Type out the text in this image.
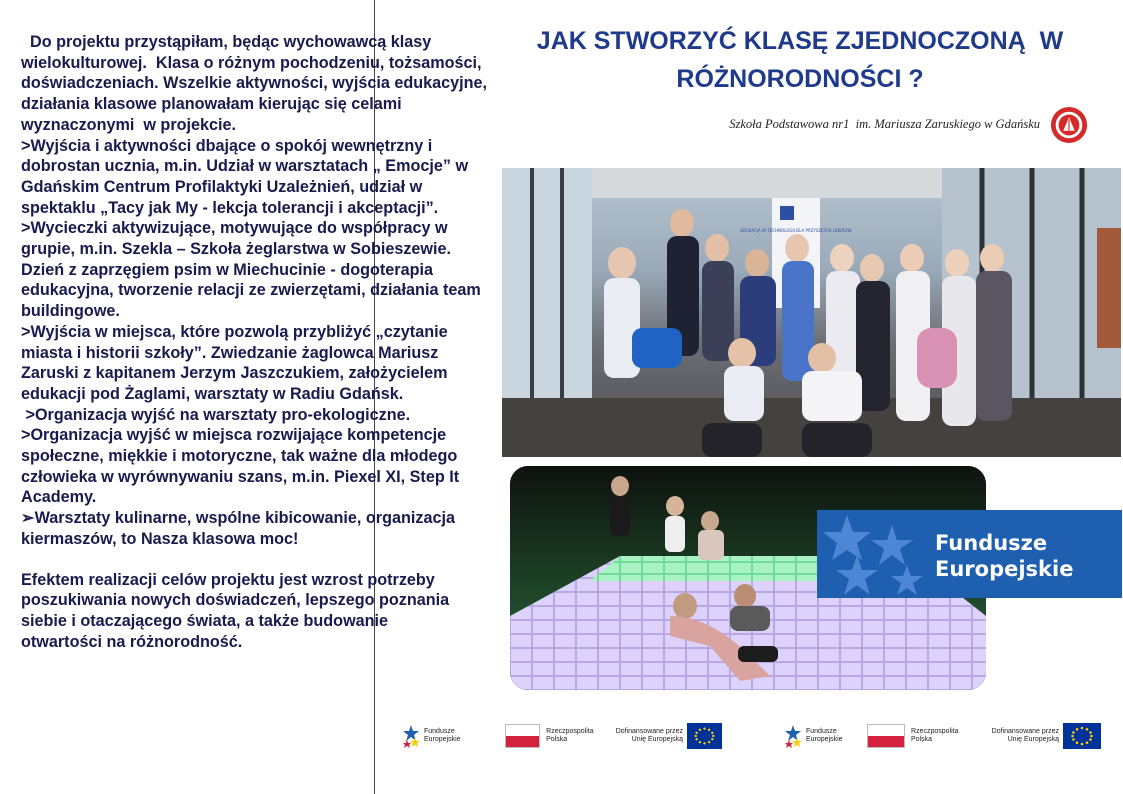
Do projektu przystąpiłam, będąc wychowawcą klasy wielokulturowej.  Klasa o różnym pochodzeniu, tożsamości, doświadczeniach. Wszelkie aktywności, wyjścia edukacyjne, działania klasowe planowałam kierując się celami  wyznaczonymi  w projekcie.

>Wyjścia i aktywności dbające o spokój wewnętrzny i dobrostan ucznia, m.in. Udział w warsztatach „ Emocje” w Gdańskim Centrum Profilaktyki Uzależnień, udział w spektaklu „Tacy jak My - lekcja tolerancji i akceptacji”.

>Wycieczki aktywizujące, motywujące do współpracy w grupie, m.in. Szekla – Szkoła żeglarstwa w Sobieszewie. Dzień z zaprzęgiem psim w Miechucinie - dogoterapia edukacyjna, tworzenie relacji ze zwierzętami, działania team buildingowe.

>Wyjścia w miejsca, które pozwolą przybliżyć „czytanie miasta i historii szkoły”. Zwiedzanie żaglowca Mariusz Zaruski z kapitanem Jerzym Jaszczukiem, założycielem edukacji pod Żaglami, warsztaty w Radiu Gdańsk.

>Organizacja wyjść na warsztaty pro-ekologiczne.

>Organizacja wyjść w miejsca rozwijające kompetencje społeczne, miękkie i motoryczne, tak ważne dla młodego człowieka w wyrównywaniu szans, m.in. Piexel XI, Step It Academy.

➢Warsztaty kulinarne, wspólne kibicowanie, organizacja kiermaszów, to Nasza klasowa moc!

Efektem realizacji celów projektu jest wzrost potrzeby poszukiwania nowych doświadczeń, lepszego poznania siebie i otaczającego świata, a także budowanie otwartości na różnorodność.

JAK STWORZYĆ KLASĘ ZJEDNOCZONĄ  W
RÓŻNORODNOŚCI ?
Szkoła Podstawowa nr1  im. Mariusza Zaruskiego w Gdańsku
EDUKACJA W TECHNOLOGII DLA PRZYSZŁYCH LIDERÓW
Fundusze
Europejskie
Fundusze
Europejskie
Rzeczpospolita
Polska
Dofinansowane przez
Unię Europejską
Fundusze
Europejskie
Rzeczpospolita
Polska
Dofinansowane przez
Unię Europejską
